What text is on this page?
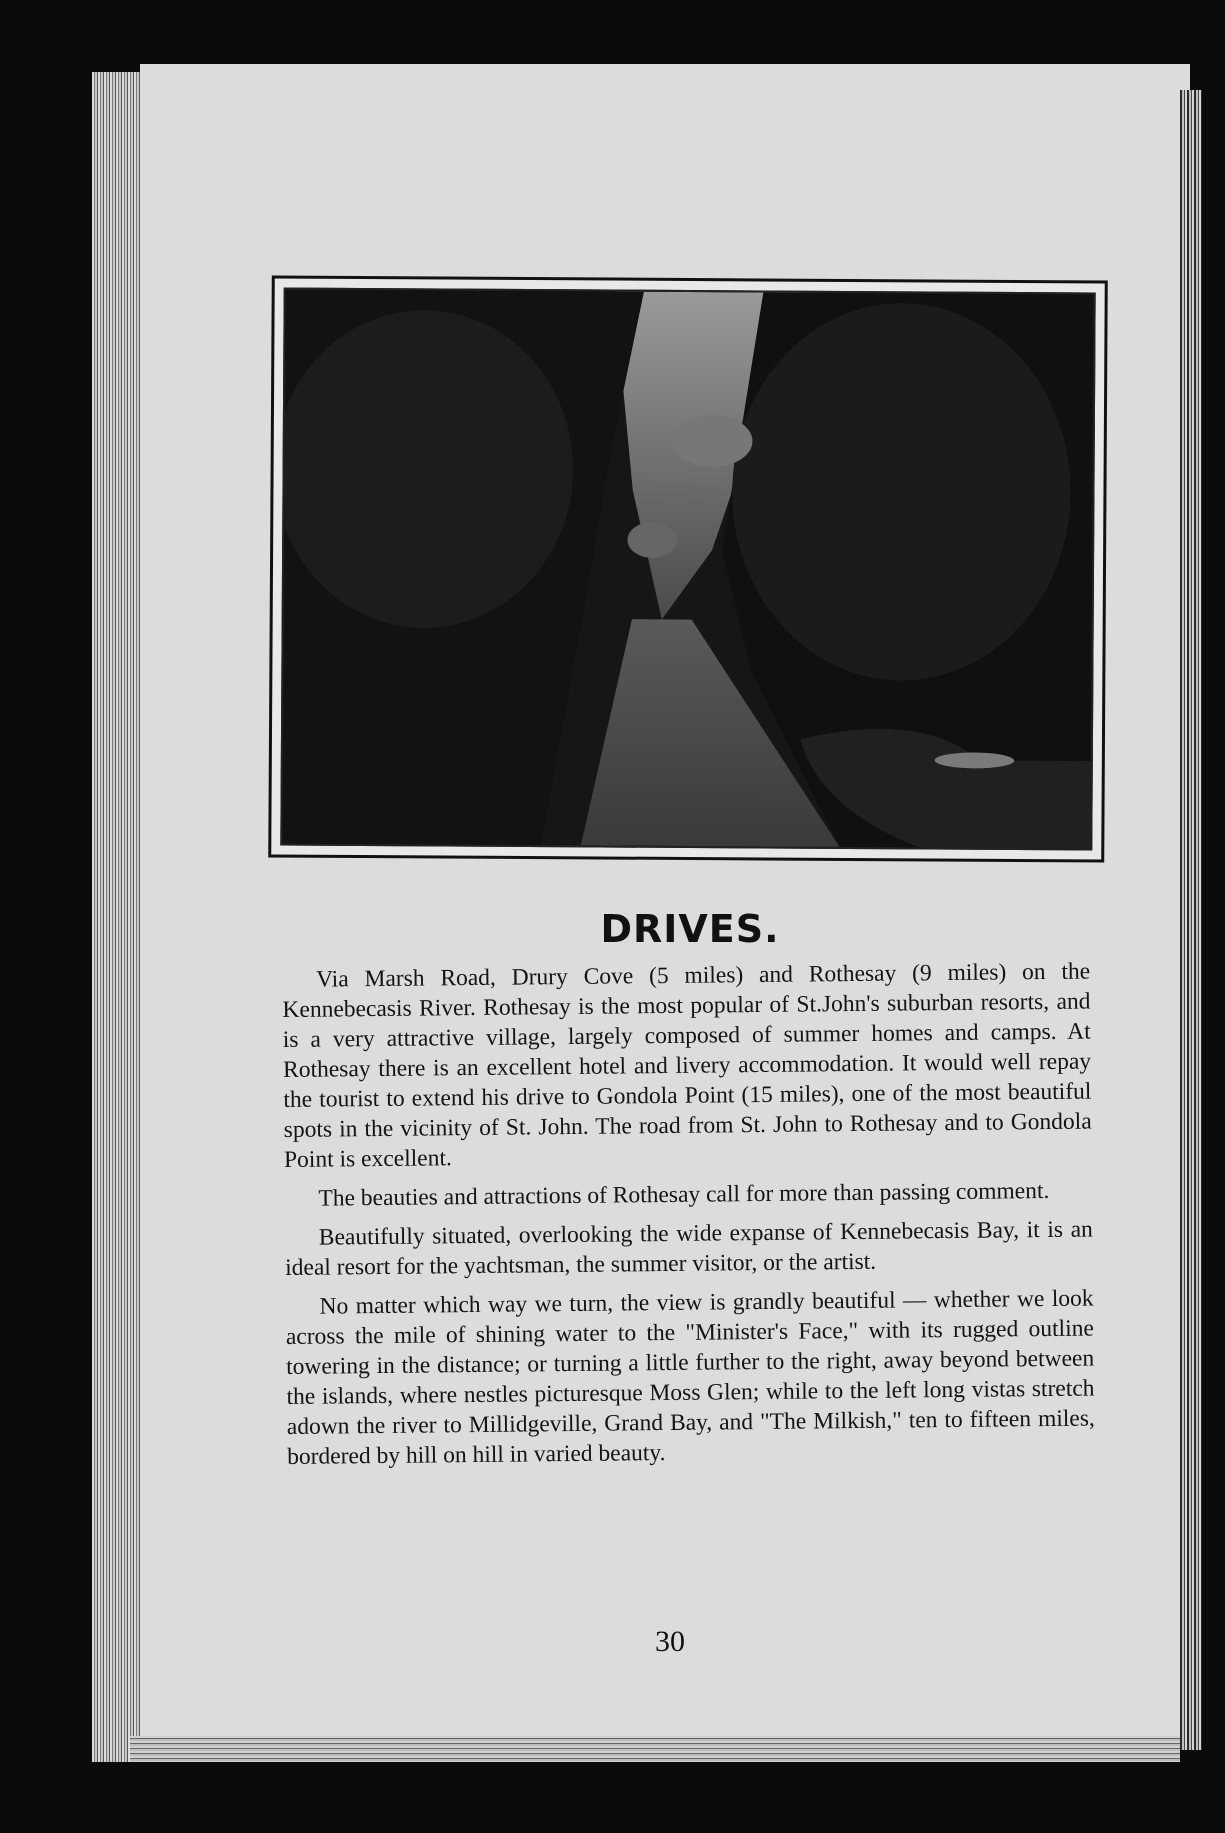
DRIVES.

Via Marsh Road, Drury Cove (5 miles) and Rothesay (9 miles) on the Kennebecasis River. Rothesay is the most popular of St.John's suburban resorts, and is a very attractive village, largely composed of summer homes and camps. At Rothesay there is an excellent hotel and livery accommodation. It would well repay the tourist to extend his drive to Gondola Point (15 miles), one of the most beautiful spots in the vicinity of St. John. The road from St. John to Rothesay and to Gondola Point is excellent.

The beauties and attractions of Rothesay call for more than passing comment.

Beautifully situated, overlooking the wide expanse of Kennebecasis Bay, it is an ideal resort for the yachtsman, the summer visitor, or the artist.

No matter which way we turn, the view is grandly beautiful — whether we look across the mile of shining water to the "Minister's Face," with its rugged outline towering in the distance; or turning a little further to the right, away beyond between the islands, where nestles picturesque Moss Glen; while to the left long vistas stretch adown the river to Millidgeville, Grand Bay, and "The Milkish," ten to fifteen miles, bordered by hill on hill in varied beauty.

30
